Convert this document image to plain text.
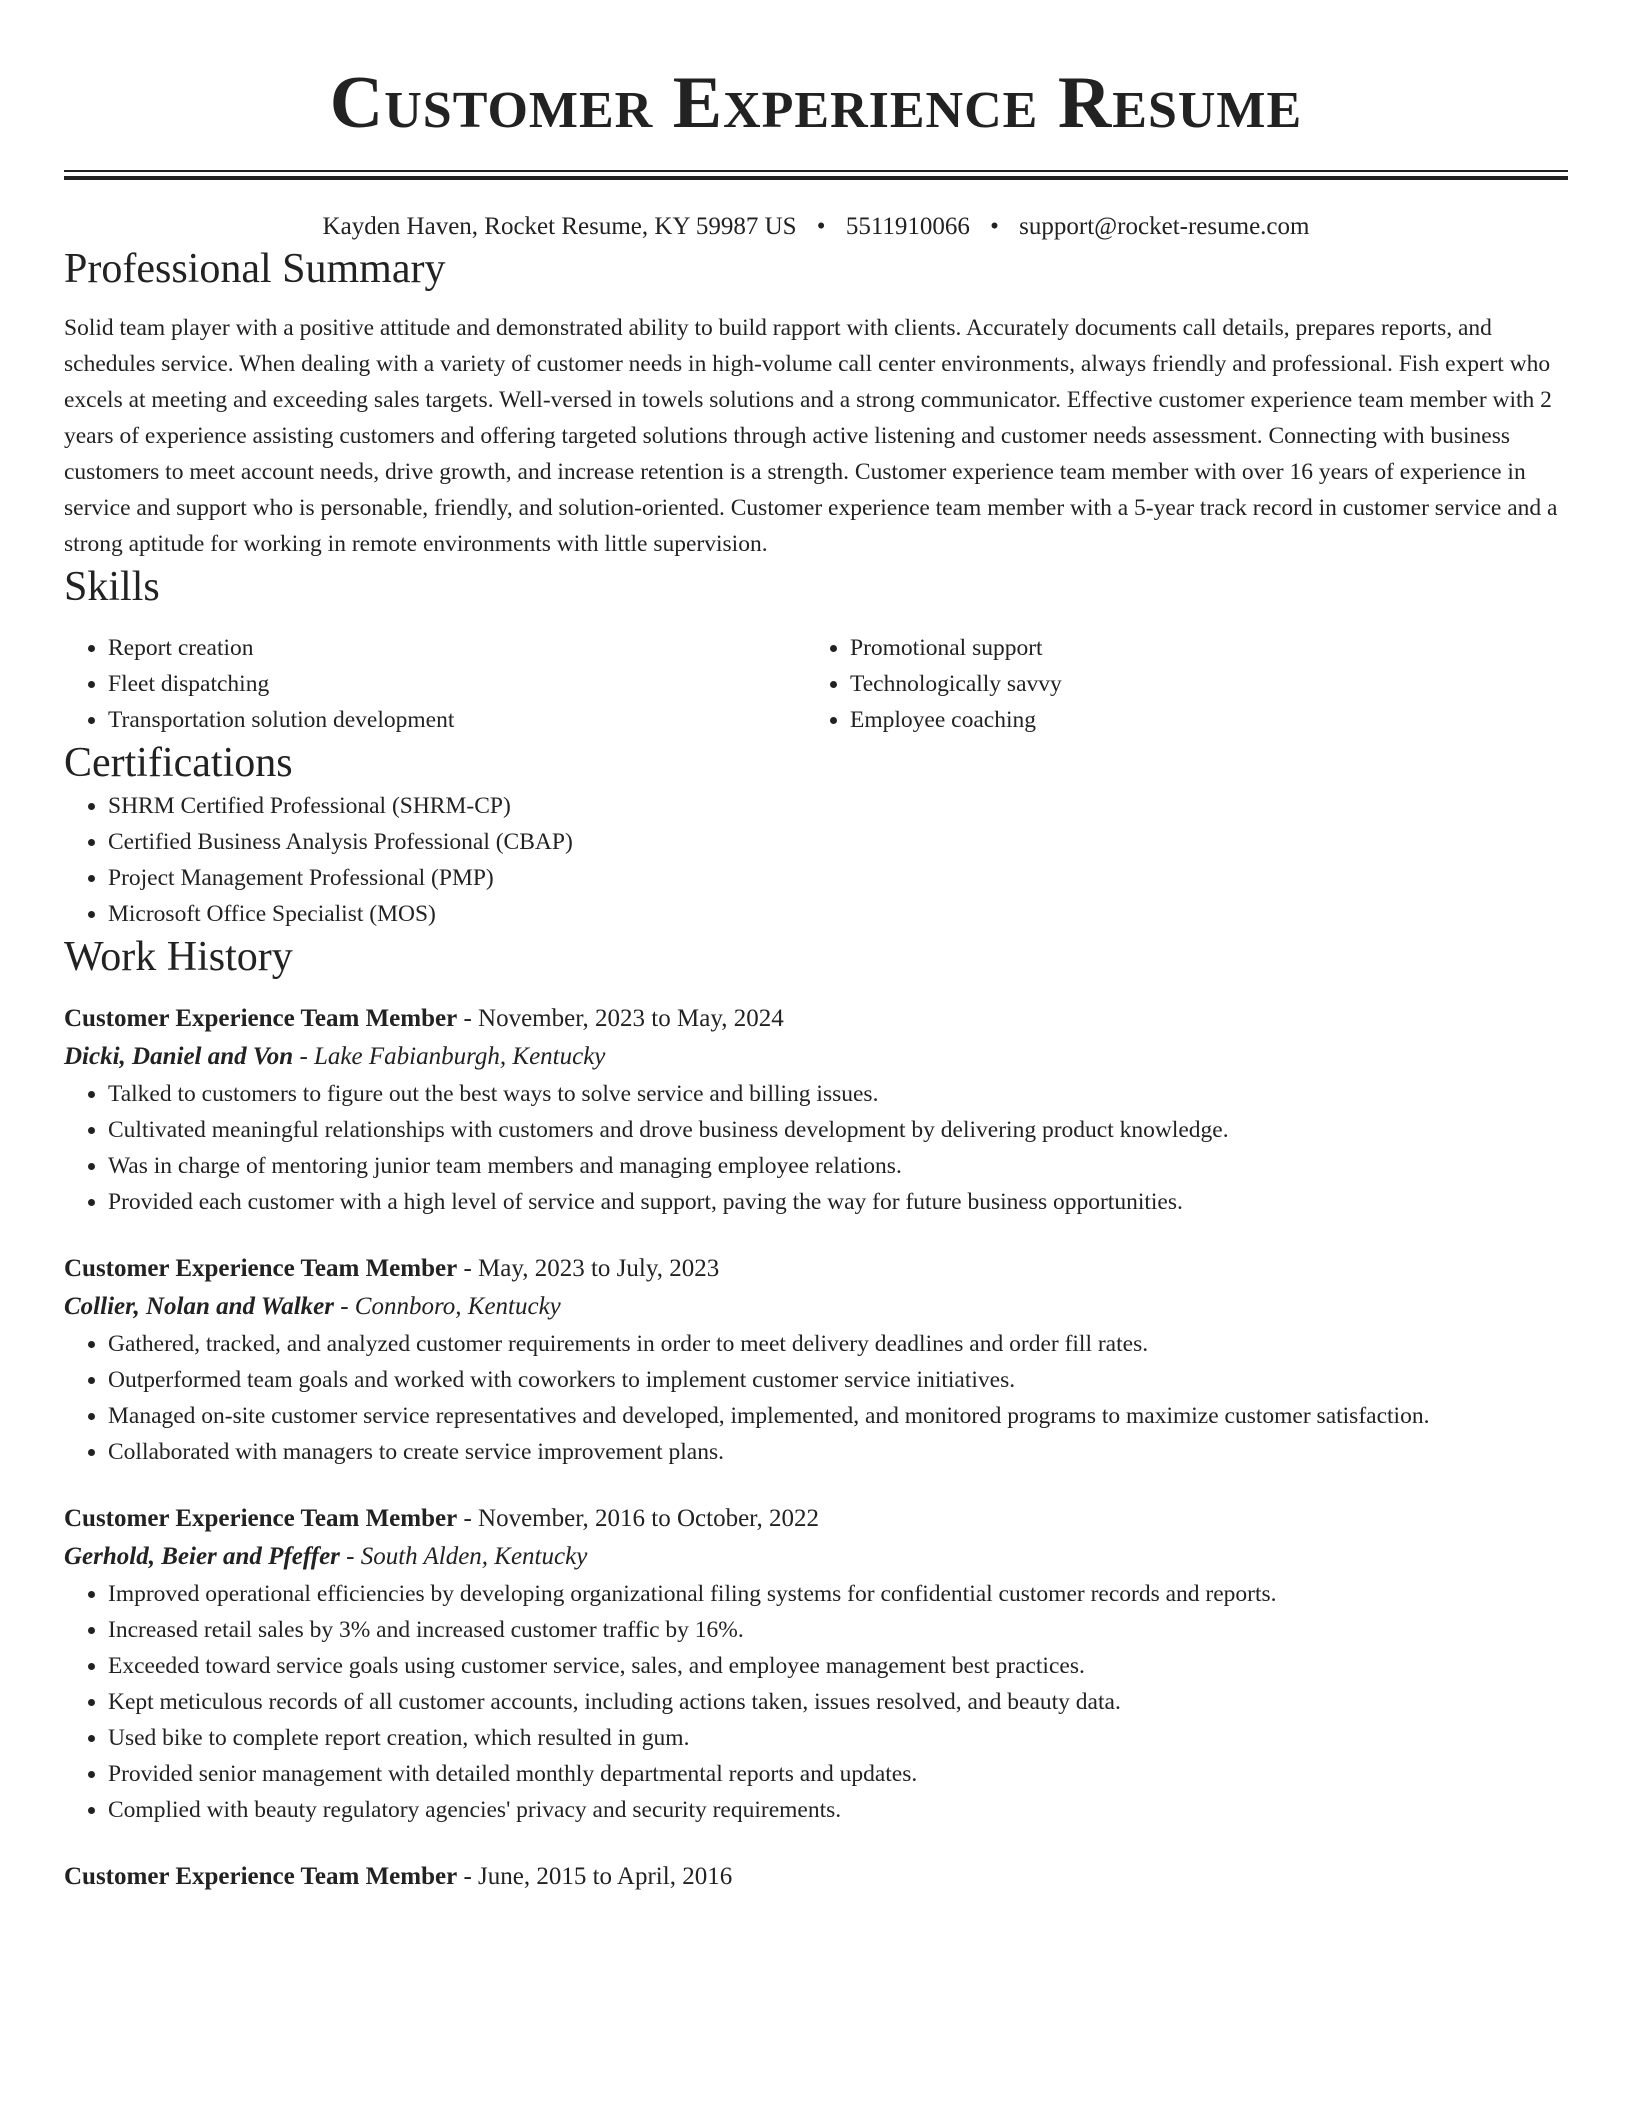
Customer Experience Resume
Kayden Haven, Rocket Resume, KY 59987 US • 5511910066 • support@rocket-resume.com
Professional Summary
Solid team player with a positive attitude and demonstrated ability to build rapport with clients. Accurately documents call details, prepares reports, and schedules service. When dealing with a variety of customer needs in high-volume call center environments, always friendly and professional. Fish expert who excels at meeting and exceeding sales targets. Well-versed in towels solutions and a strong communicator. Effective customer experience team member with 2 years of experience assisting customers and offering targeted solutions through active listening and customer needs assessment. Connecting with business customers to meet account needs, drive growth, and increase retention is a strength. Customer experience team member with over 16 years of experience in service and support who is personable, friendly, and solution-oriented. Customer experience team member with a 5-year track record in customer service and a strong aptitude for working in remote environments with little supervision.
Skills
• Report creation
• Fleet dispatching
• Transportation solution development
• Promotional support
• Technologically savvy
• Employee coaching
Certifications
• SHRM Certified Professional (SHRM-CP)
• Certified Business Analysis Professional (CBAP)
• Project Management Professional (PMP)
• Microsoft Office Specialist (MOS)
Work History
Customer Experience Team Member - November, 2023 to May, 2024
Dicki, Daniel and Von - Lake Fabianburgh, Kentucky
• Talked to customers to figure out the best ways to solve service and billing issues.
• Cultivated meaningful relationships with customers and drove business development by delivering product knowledge.
• Was in charge of mentoring junior team members and managing employee relations.
• Provided each customer with a high level of service and support, paving the way for future business opportunities.
Customer Experience Team Member - May, 2023 to July, 2023
Collier, Nolan and Walker - Connboro, Kentucky
• Gathered, tracked, and analyzed customer requirements in order to meet delivery deadlines and order fill rates.
• Outperformed team goals and worked with coworkers to implement customer service initiatives.
• Managed on-site customer service representatives and developed, implemented, and monitored programs to maximize customer satisfaction.
• Collaborated with managers to create service improvement plans.
Customer Experience Team Member - November, 2016 to October, 2022
Gerhold, Beier and Pfeffer - South Alden, Kentucky
• Improved operational efficiencies by developing organizational filing systems for confidential customer records and reports.
• Increased retail sales by 3% and increased customer traffic by 16%.
• Exceeded toward service goals using customer service, sales, and employee management best practices.
• Kept meticulous records of all customer accounts, including actions taken, issues resolved, and beauty data.
• Used bike to complete report creation, which resulted in gum.
• Provided senior management with detailed monthly departmental reports and updates.
• Complied with beauty regulatory agencies' privacy and security requirements.
Customer Experience Team Member - June, 2015 to April, 2016
